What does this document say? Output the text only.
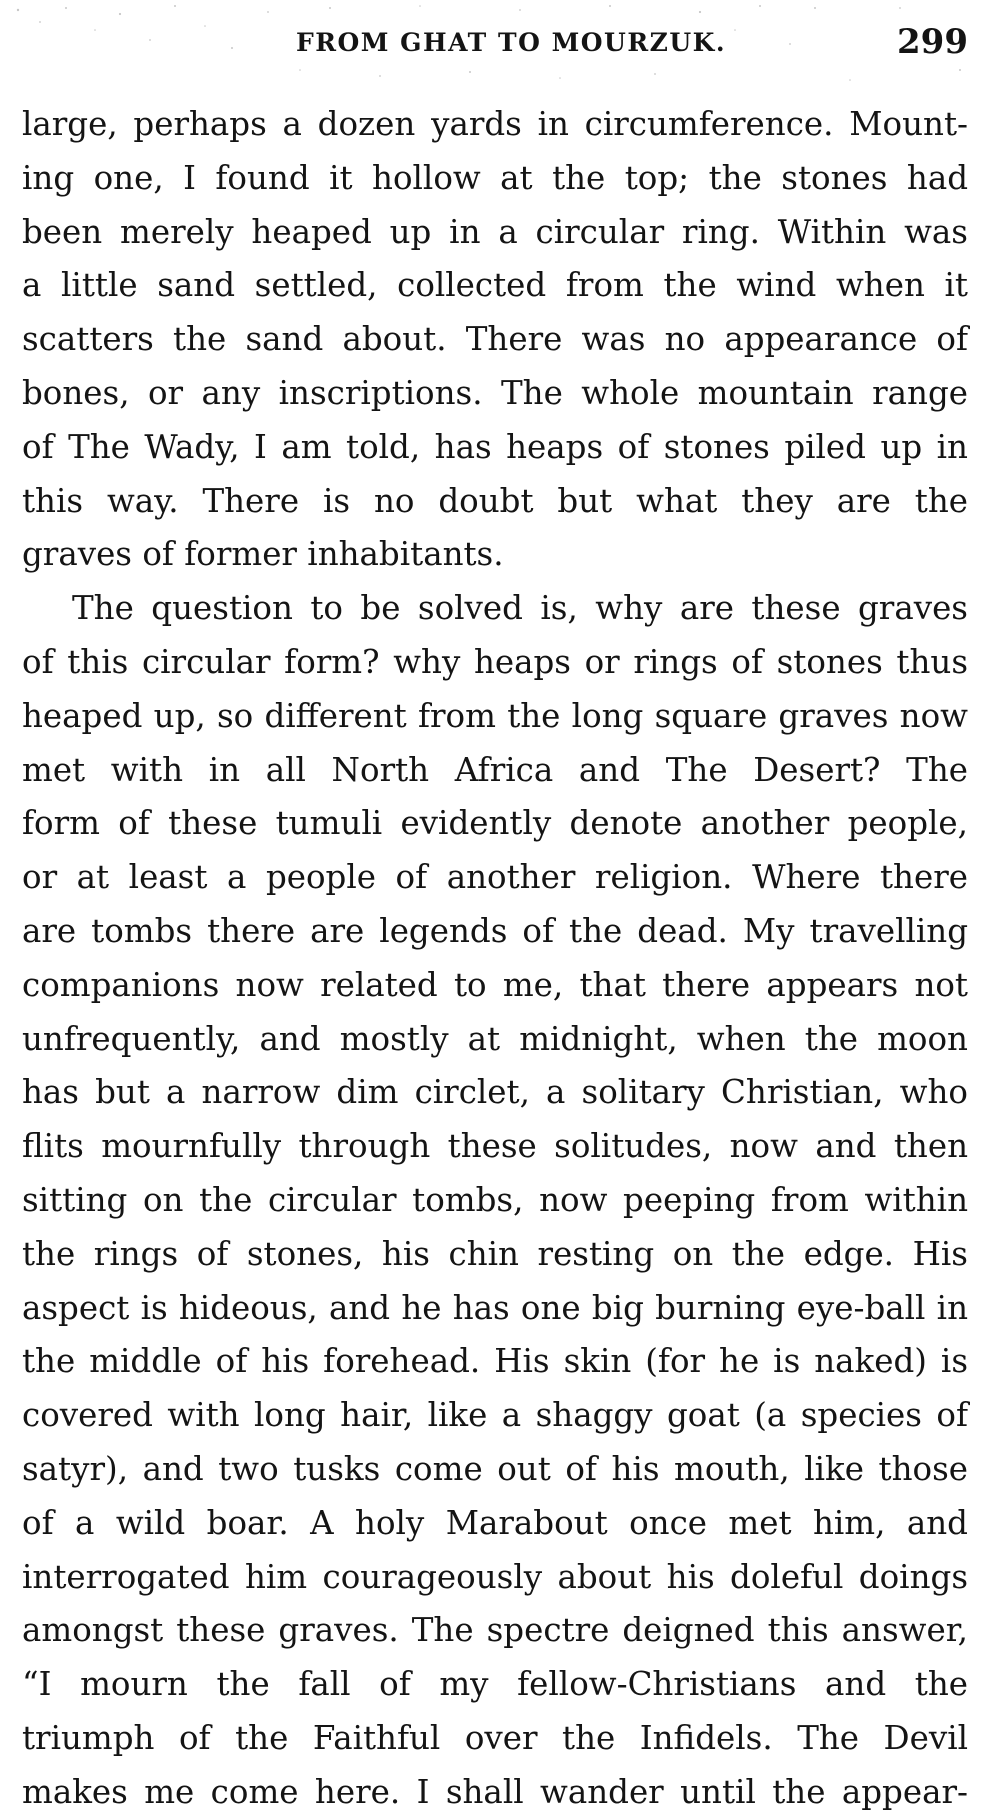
FROM GHAT TO MOURZUK.	299
large, perhaps a dozen yards in circumference. Mount-
ing one, I found it hollow at the top; the stones had
been merely heaped up in a circular ring. Within was
a little sand settled, collected from the wind when it
scatters the sand about. There was no appearance of
bones, or any inscriptions. The whole mountain range
of The Wady, I am told, has heaps of stones piled up in
this way. There is no doubt but what they are the
graves of former inhabitants.
The question to be solved is, why are these graves
of this circular form? why heaps or rings of stones thus
heaped up, so different from the long square graves now
met with in all North Africa and The Desert? The
form of these tumuli evidently denote another people,
or at least a people of another religion. Where there
are tombs there are legends of the dead. My travelling
companions now related to me, that there appears not
unfrequently, and mostly at midnight, when the moon
has but a narrow dim circlet, a solitary Christian, who
flits mournfully through these solitudes, now and then
sitting on the circular tombs, now peeping from within
the rings of stones, his chin resting on the edge. His
aspect is hideous, and he has one big burning eye-ball in
the middle of his forehead. His skin (for he is naked) is
covered with long hair, like a shaggy goat (a species of
satyr), and two tusks come out of his mouth, like those
of a wild boar. A holy Marabout once met him, and
interrogated him courageously about his doleful doings
amongst these graves. The spectre deigned this answer,
“I mourn the fall of my fellow-Christians and the
triumph of the Faithful over the Infidels. The Devil
makes me come here. I shall wander until the appear-
